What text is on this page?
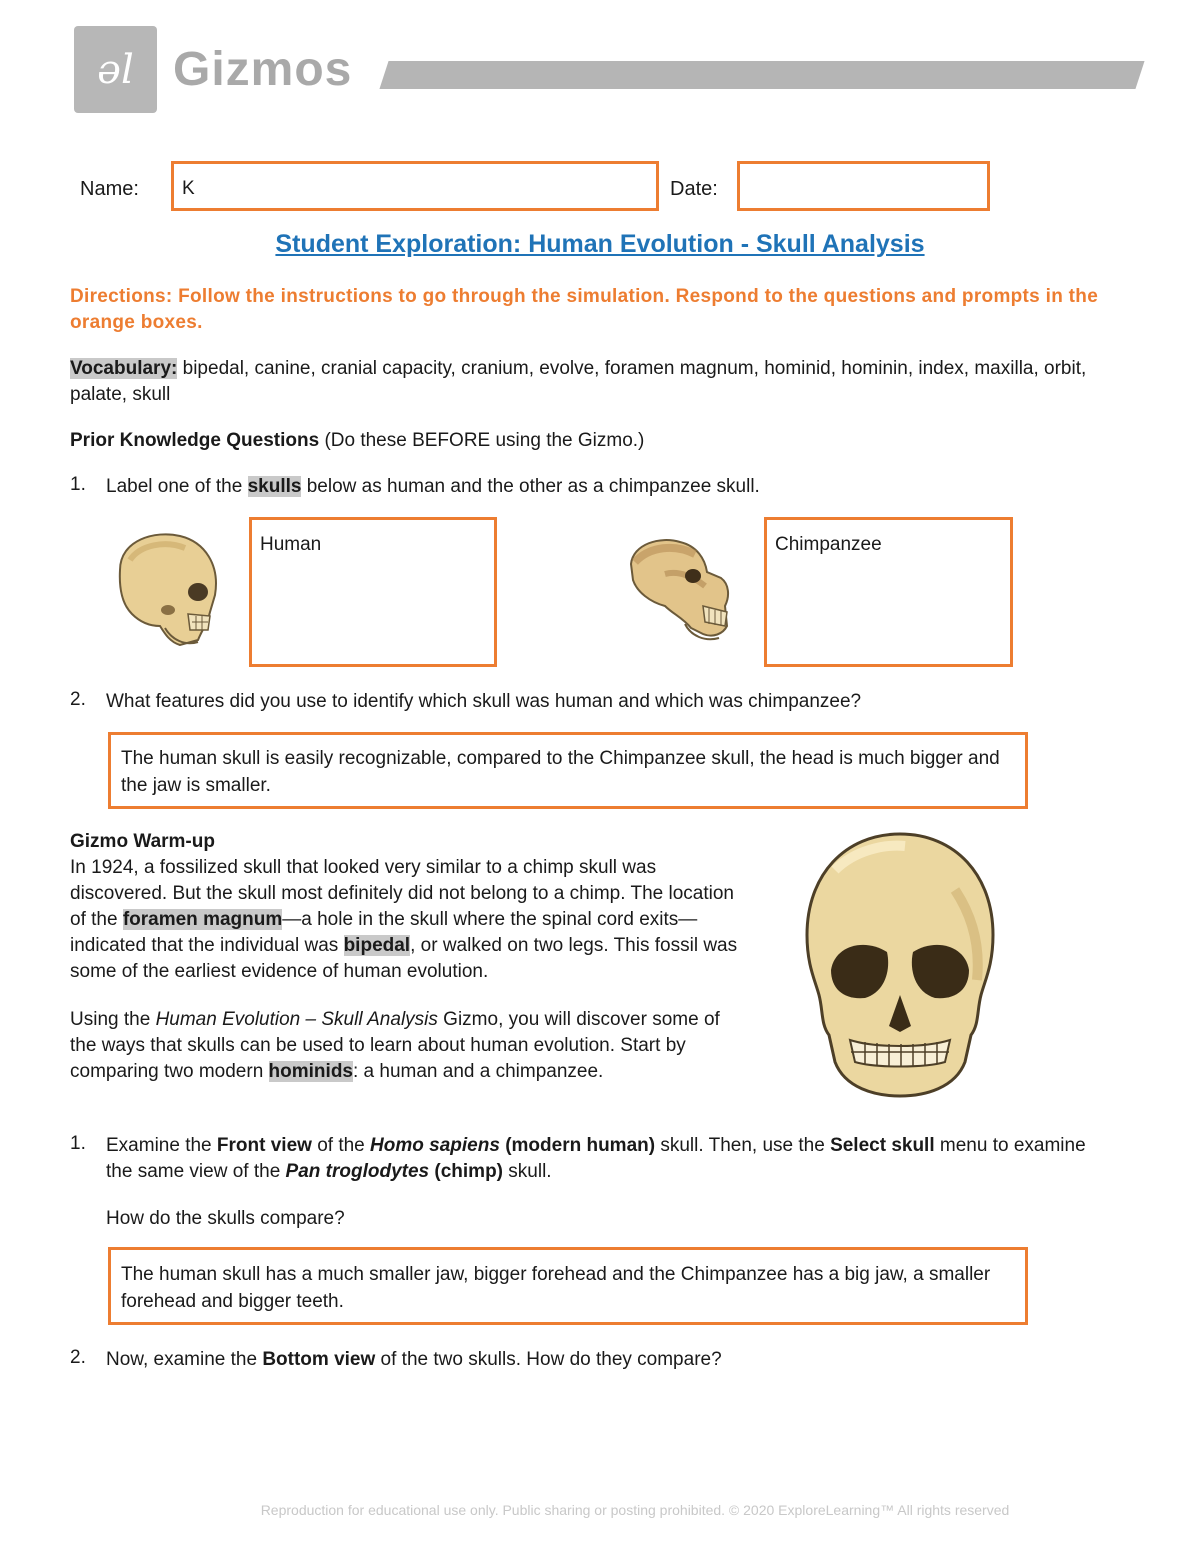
əl Gizmos
Name:	K	Date:
Student Exploration: Human Evolution - Skull Analysis
Directions: Follow the instructions to go through the simulation. Respond to the questions and prompts in the orange boxes.
Vocabulary: bipedal, canine, cranial capacity, cranium, evolve, foramen magnum, hominid, hominin, index, maxilla, orbit, palate, skull
Prior Knowledge Questions (Do these BEFORE using the Gizmo.)
1. Label one of the skulls below as human and the other as a chimpanzee skull.
Human	Chimpanzee
2. What features did you use to identify which skull was human and which was chimpanzee?
The human skull is easily recognizable, compared to the Chimpanzee skull, the head is much bigger and the jaw is smaller.
Gizmo Warm-up
In 1924, a fossilized skull that looked very similar to a chimp skull was discovered. But the skull most definitely did not belong to a chimp. The location of the foramen magnum—a hole in the skull where the spinal cord exits—indicated that the individual was bipedal, or walked on two legs. This fossil was some of the earliest evidence of human evolution.
Using the Human Evolution – Skull Analysis Gizmo, you will discover some of the ways that skulls can be used to learn about human evolution. Start by comparing two modern hominids: a human and a chimpanzee.
1. Examine the Front view of the Homo sapiens (modern human) skull. Then, use the Select skull menu to examine the same view of the Pan troglodytes (chimp) skull.
How do the skulls compare?
The human skull has a much smaller jaw, bigger forehead and the Chimpanzee has a big jaw, a smaller forehead and bigger teeth.
2. Now, examine the Bottom view of the two skulls. How do they compare?
Reproduction for educational use only. Public sharing or posting prohibited. © 2020 ExploreLearning™ All rights reserved
